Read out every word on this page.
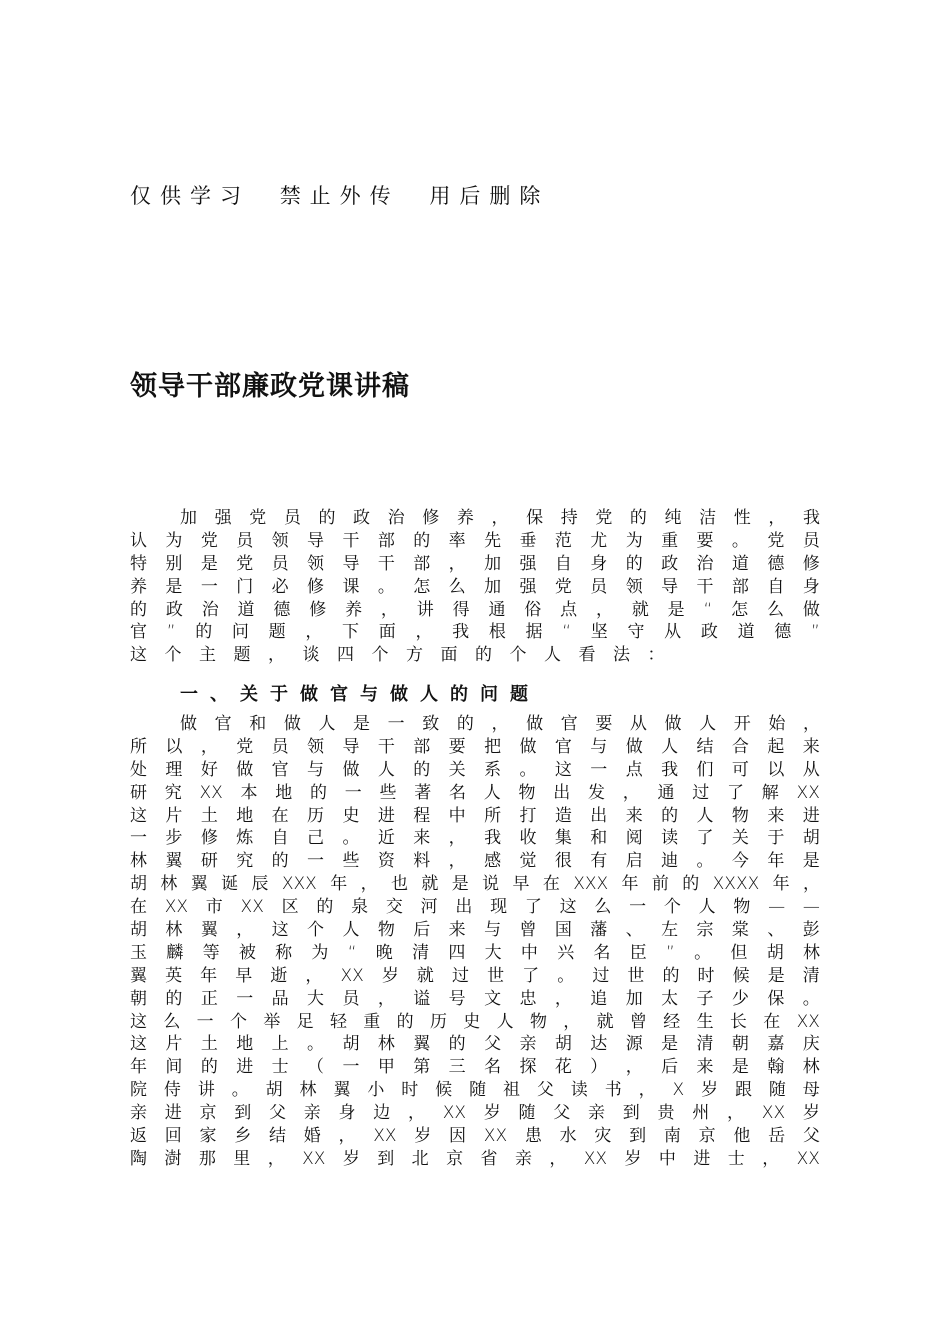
仅供学习 禁止外传 用后删除
领导干部廉政党课讲稿
加 强 党 员 的 政 治 修 养 ， 保 持 党 的 纯 洁 性 ， 我
认 为 党 员 领 导 干 部 的 率 先 垂 范 尤 为 重 要 。 党 员
特 别 是 党 员 领 导 干 部 ， 加 强 自 身 的 政 治 道 德 修
养 是 一 门 必 修 课 。 怎 么 加 强 党 员 领 导 干 部 自 身
的 政 治 道 德 修 养 ， 讲 得 通 俗 点 ， 就 是 “ 怎 么 做
官 ” 的 问 题 ， 下 面 ， 我 根 据 “ 坚 守 从 政 道 德 ”
这 个 主 题 ， 谈 四 个 方 面 的 个 人 看 法 ：
一、关于做官与做人的问题
做 官 和 做 人 是 一 致 的 ， 做 官 要 从 做 人 开 始 ，
所 以 ， 党 员 领 导 干 部 要 把 做 官 与 做 人 结 合 起 来
处 理 好 做 官 与 做 人 的 关 系 。 这 一 点 我 们 可 以 从
研 究 XX 本 地 的 一 些 著 名 人 物 出 发 ， 通 过 了 解 XX
这 片 土 地 在 历 史 进 程 中 所 打 造 出 来 的 人 物 来 进
一 步 修 炼 自 己 。 近 来 ， 我 收 集 和 阅 读 了 关 于 胡
林 翼 研 究 的 一 些 资 料 ， 感 觉 很 有 启 迪 。 今 年 是
胡 林 翼 诞 辰 XXX 年 ， 也 就 是 说 早 在 XXX 年 前 的 XXXX 年 ，
在 XX 市 XX 区 的 泉 交 河 出 现 了 这 么 一 个 人 物 — —
胡 林 翼 ， 这 个 人 物 后 来 与 曾 国 藩 、 左 宗 棠 、 彭
玉 麟 等 被 称 为 “ 晚 清 四 大 中 兴 名 臣 ” 。 但 胡 林
翼 英 年 早 逝 ， XX 岁 就 过 世 了 。 过 世 的 时 候 是 清
朝 的 正 一 品 大 员 ， 谥 号 文 忠 ， 追 加 太 子 少 保 。
这 么 一 个 举 足 轻 重 的 历 史 人 物 ， 就 曾 经 生 长 在 XX
这 片 土 地 上 。 胡 林 翼 的 父 亲 胡 达 源 是 清 朝 嘉 庆
年 间 的 进 士 （ 一 甲 第 三 名 探 花 ） ， 后 来 是 翰 林
院 侍 讲 。 胡 林 翼 小 时 候 随 祖 父 读 书 ， X 岁 跟 随 母
亲 进 京 到 父 亲 身 边 ， XX 岁 随 父 亲 到 贵 州 ， XX 岁
返 回 家 乡 结 婚 ， XX 岁 因 XX 患 水 灾 到 南 京 他 岳 父
陶 澍 那 里 ， XX 岁 到 北 京 省 亲 ， XX 岁 中 进 士 ， XX
